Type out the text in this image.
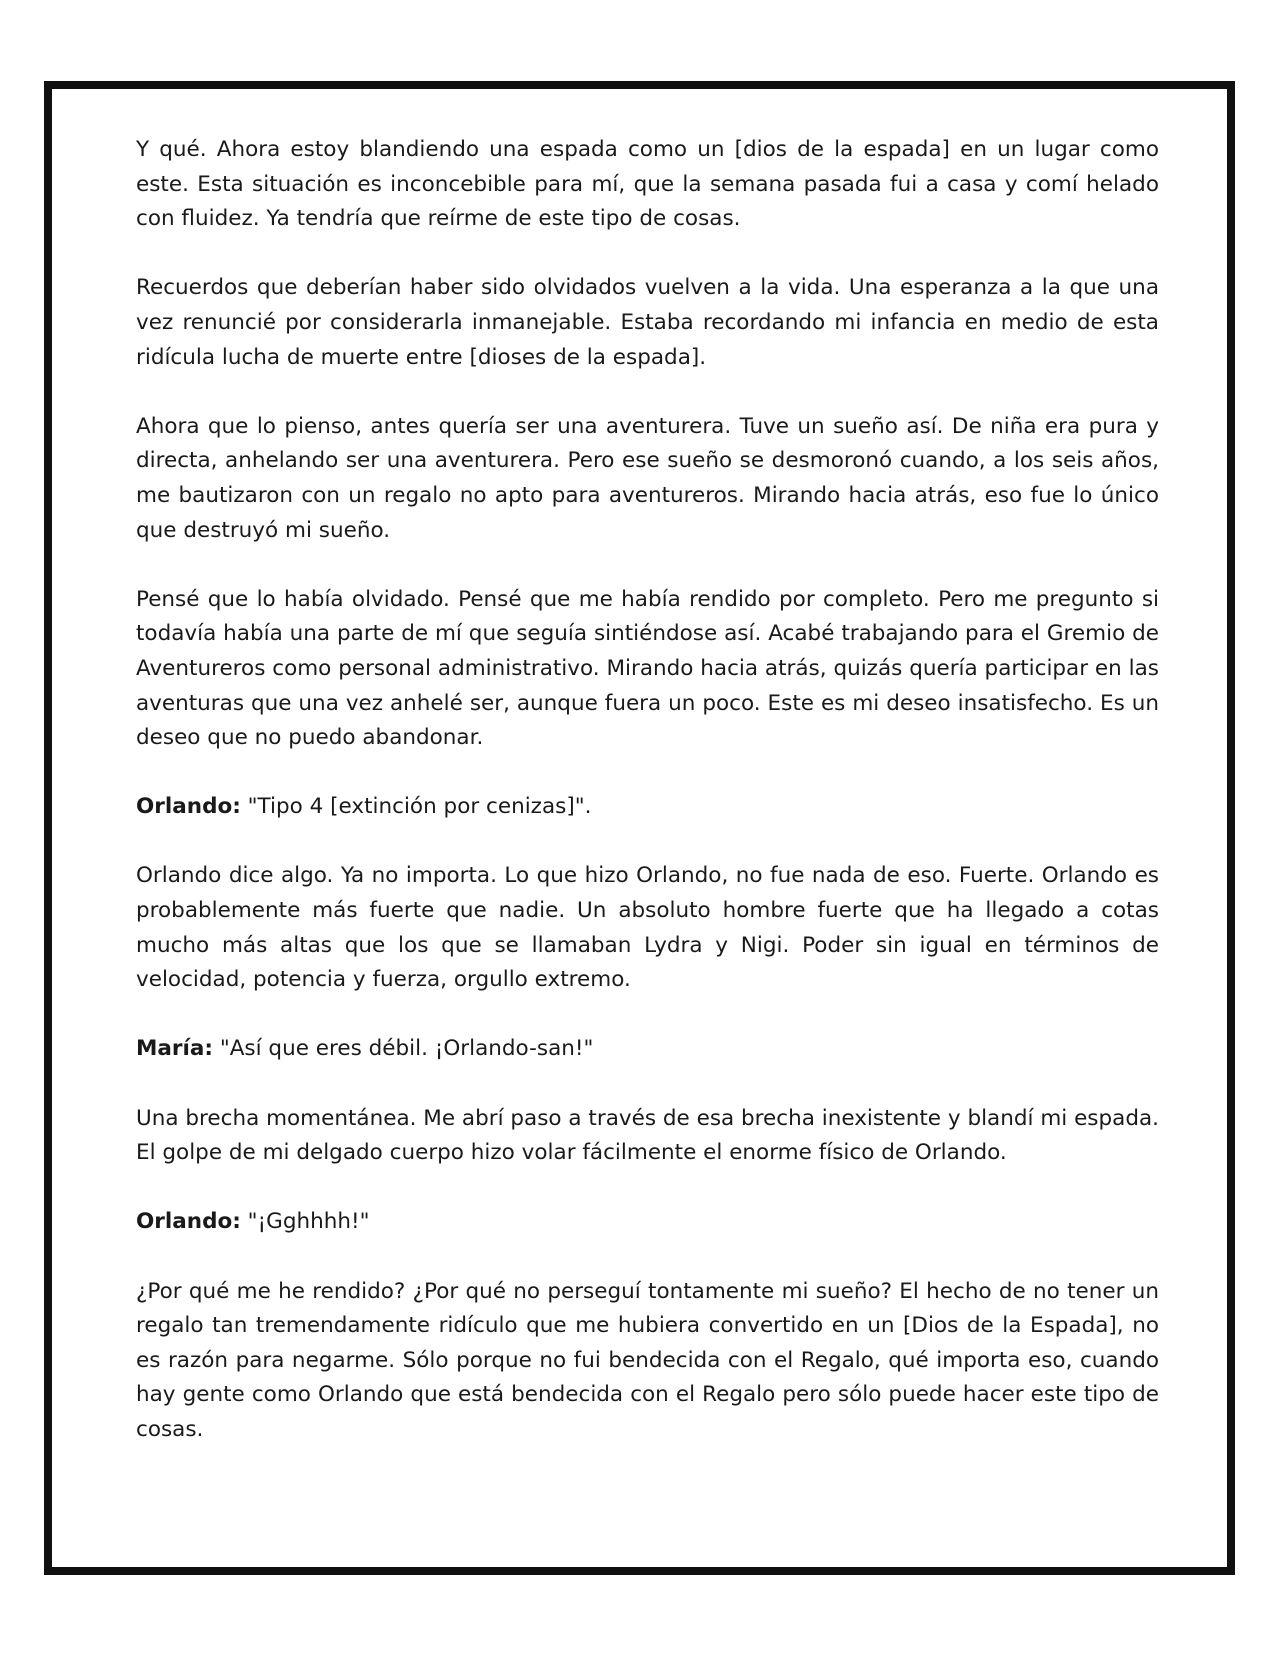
Y qué. Ahora estoy blandiendo una espada como un [dios de la espada] en un lugar como este. Esta situación es inconcebible para mí, que la semana pasada fui a casa y comí helado con fluidez. Ya tendría que reírme de este tipo de cosas.

Recuerdos que deberían haber sido olvidados vuelven a la vida. Una esperanza a la que una vez renuncié por considerarla inmanejable. Estaba recordando mi infancia en medio de esta ridícula lucha de muerte entre [dioses de la espada].

Ahora que lo pienso, antes quería ser una aventurera. Tuve un sueño así. De niña era pura y directa, anhelando ser una aventurera. Pero ese sueño se desmoronó cuando, a los seis años, me bautizaron con un regalo no apto para aventureros. Mirando hacia atrás, eso fue lo único que destruyó mi sueño.

Pensé que lo había olvidado. Pensé que me había rendido por completo. Pero me pregunto si todavía había una parte de mí que seguía sintiéndose así. Acabé trabajando para el Gremio de Aventureros como personal administrativo. Mirando hacia atrás, quizás quería participar en las aventuras que una vez anhelé ser, aunque fuera un poco. Este es mi deseo insatisfecho. Es un deseo que no puedo abandonar.

Orlando: "Tipo 4 [extinción por cenizas]".

Orlando dice algo. Ya no importa. Lo que hizo Orlando, no fue nada de eso. Fuerte. Orlando es probablemente más fuerte que nadie. Un absoluto hombre fuerte que ha llegado a cotas mucho más altas que los que se llamaban Lydra y Nigi. Poder sin igual en términos de velocidad, potencia y fuerza, orgullo extremo.

María: "Así que eres débil. ¡Orlando-san!"

Una brecha momentánea. Me abrí paso a través de esa brecha inexistente y blandí mi espada. El golpe de mi delgado cuerpo hizo volar fácilmente el enorme físico de Orlando.

Orlando: "¡Gghhhh!"

¿Por qué me he rendido? ¿Por qué no perseguí tontamente mi sueño? El hecho de no tener un regalo tan tremendamente ridículo que me hubiera convertido en un [Dios de la Espada], no es razón para negarme. Sólo porque no fui bendecida con el Regalo, qué importa eso, cuando hay gente como Orlando que está bendecida con el Regalo pero sólo puede hacer este tipo de cosas.
